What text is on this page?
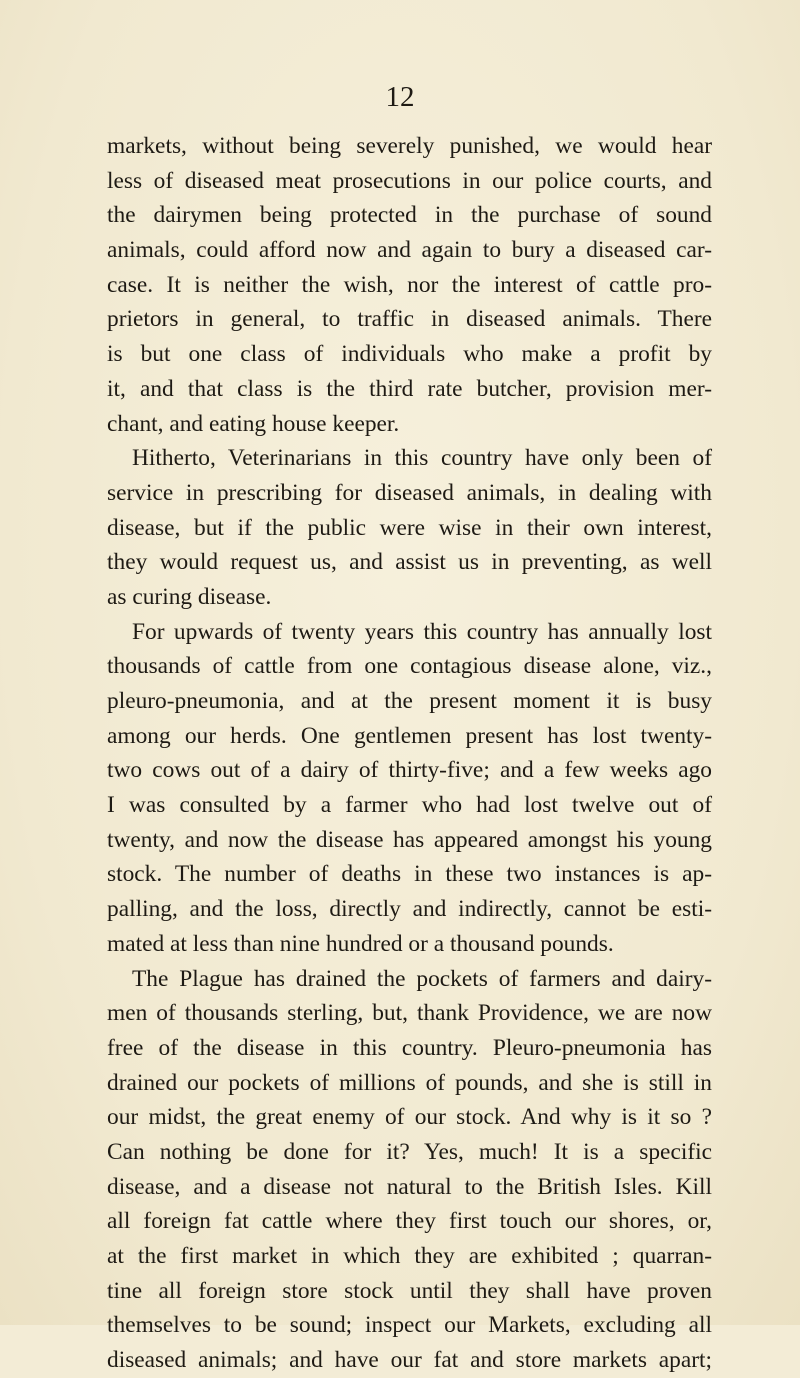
12
markets, without being severely punished, we would hear
less of diseased meat prosecutions in our police courts, and
the dairymen being protected in the purchase of sound
animals, could afford now and again to bury a diseased car-
case. It is neither the wish, nor the interest of cattle pro-
prietors in general, to traffic in diseased animals. There
is but one class of individuals who make a profit by
it, and that class is the third rate butcher, provision mer-
chant, and eating house keeper.
Hitherto, Veterinarians in this country have only been of
service in prescribing for diseased animals, in dealing with
disease, but if the public were wise in their own interest,
they would request us, and assist us in preventing, as well
as curing disease.
For upwards of twenty years this country has annually lost
thousands of cattle from one contagious disease alone, viz.,
pleuro-pneumonia, and at the present moment it is busy
among our herds. One gentlemen present has lost twenty-
two cows out of a dairy of thirty-five; and a few weeks ago
I was consulted by a farmer who had lost twelve out of
twenty, and now the disease has appeared amongst his young
stock. The number of deaths in these two instances is ap-
palling, and the loss, directly and indirectly, cannot be esti-
mated at less than nine hundred or a thousand pounds.
The Plague has drained the pockets of farmers and dairy-
men of thousands sterling, but, thank Providence, we are now
free of the disease in this country. Pleuro-pneumonia has
drained our pockets of millions of pounds, and she is still in
our midst, the great enemy of our stock. And why is it so ?
Can nothing be done for it? Yes, much! It is a specific
disease, and a disease not natural to the British Isles. Kill
all foreign fat cattle where they first touch our shores, or,
at the first market in which they are exhibited ; quarran-
tine all foreign store stock until they shall have proven
themselves to be sound; inspect our Markets, excluding all
diseased animals; and have our fat and store markets apart;
